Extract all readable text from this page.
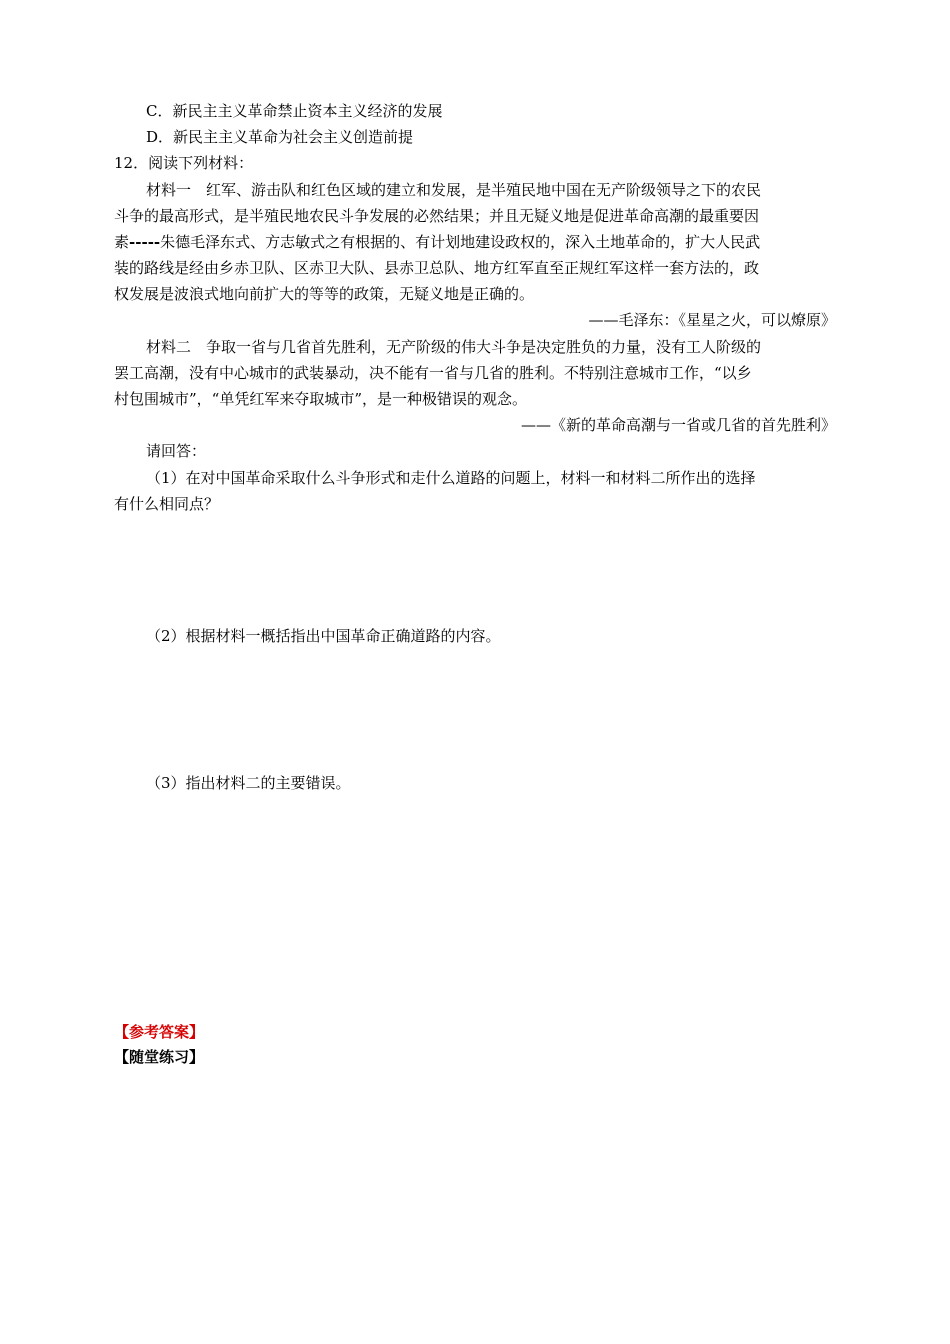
C．新民主主义革命禁止资本主义经济的发展
D．新民主主义革命为社会主义创造前提
12．阅读下列材料：
材料一　红军、游击队和红色区域的建立和发展，是半殖民地中国在无产阶级领导之下的农民
斗争的最高形式，是半殖民地农民斗争发展的必然结果；并且无疑义地是促进革命高潮的最重要因
素-----朱德毛泽东式、方志敏式之有根据的、有计划地建设政权的，深入土地革命的，扩大人民武
装的路线是经由乡赤卫队、区赤卫大队、县赤卫总队、地方红军直至正规红军这样一套方法的，政
权发展是波浪式地向前扩大的等等的政策，无疑义地是正确的。
——毛泽东：《星星之火，可以燎原》
材料二　争取一省与几省首先胜利，无产阶级的伟大斗争是决定胜负的力量，没有工人阶级的
罢工高潮，没有中心城市的武装暴动，决不能有一省与几省的胜利。不特别注意城市工作，“以乡
村包围城市”，“单凭红军来夺取城市”，是一种极错误的观念。
——《新的革命高潮与一省或几省的首先胜利》
请回答：
（1）在对中国革命采取什么斗争形式和走什么道路的问题上，材料一和材料二所作出的选择
有什么相同点？
（2）根据材料一概括指出中国革命正确道路的内容。
（3）指出材料二的主要错误。
【参考答案】
【随堂练习】
